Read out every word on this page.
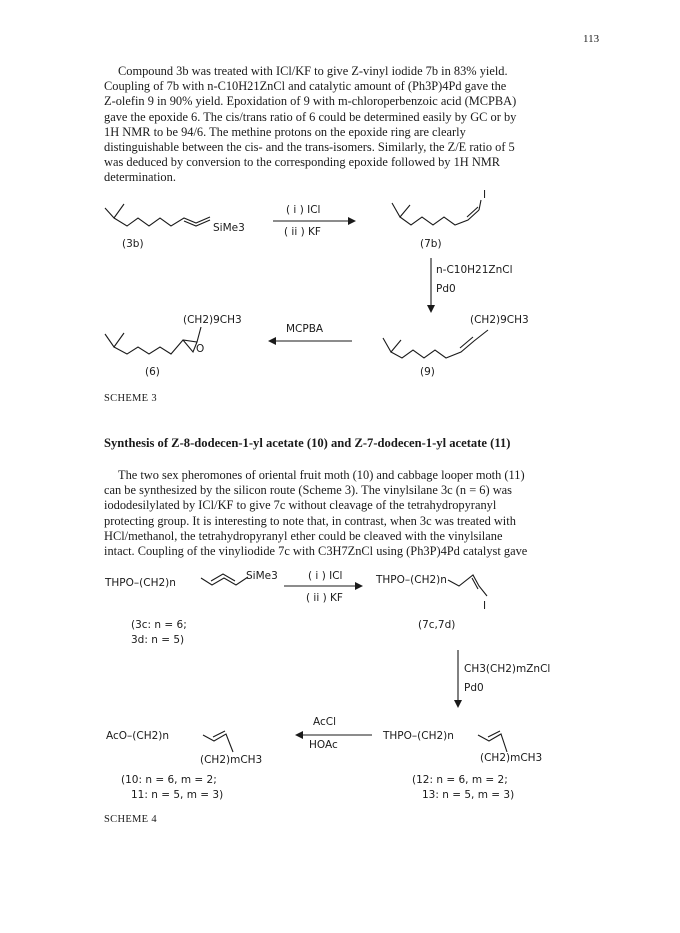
113

Compound 3b was treated with ICl/KF to give Z-vinyl iodide 7b in 83% yield.

Coupling of 7b with n-C10H21ZnCl and catalytic amount of (Ph3P)4Pd gave the

Z-olefin 9 in 90% yield. Epoxidation of 9 with m-chloroperbenzoic acid (MCPBA)

gave the epoxide 6. The cis/trans ratio of 6 could be determined easily by GC or by

1H NMR to be 94/6. The methine protons on the epoxide ring are clearly

distinguishable between the cis- and the trans-isomers. Similarly, the Z/E ratio of 5

was deduced by conversion to the corresponding epoxide followed by 1H NMR

determination.

SiMe3
I
( i ) ICl
( ii ) KF
(3b)	(7b)
n-C10H21ZnCl
Pd0
(CH2)9CH3	(CH2)9CH3
O
MCPBA
(6)	(9)
SCHEME 3
Synthesis of Z-8-dodecen-1-yl acetate (10) and Z-7-dodecen-1-yl acetate (11)

The two sex pheromones of oriental fruit moth (10) and cabbage looper moth (11)

can be synthesized by the silicon route (Scheme 3). The vinylsilane 3c (n = 6) was

iododesilylated by ICl/KF to give 7c without cleavage of the tetrahydropyranyl

protecting group. It is interesting to note that, in contrast, when 3c was treated with

HCl/methanol, the tetrahydropyranyl ether could be cleaved with the vinylsilane

intact. Coupling of the vinyliodide 7c with C3H7ZnCl using (Ph3P)4Pd catalyst gave

THPO–(CH2)n
SiMe3	( i ) ICl
( ii ) KF
THPO–(CH2)n
I
(3c: n = 6;
3d: n = 5)
(7c,7d)
CH3(CH2)mZnCl
Pd0
AcO–(CH2)n
AcCl
HOAc
THPO–(CH2)n
(CH2)mCH3	(CH2)mCH3
(10: n = 6, m = 2;
11: n = 5, m = 3)
(12: n = 6, m = 2;
13: n = 5, m = 3)
SCHEME 4
